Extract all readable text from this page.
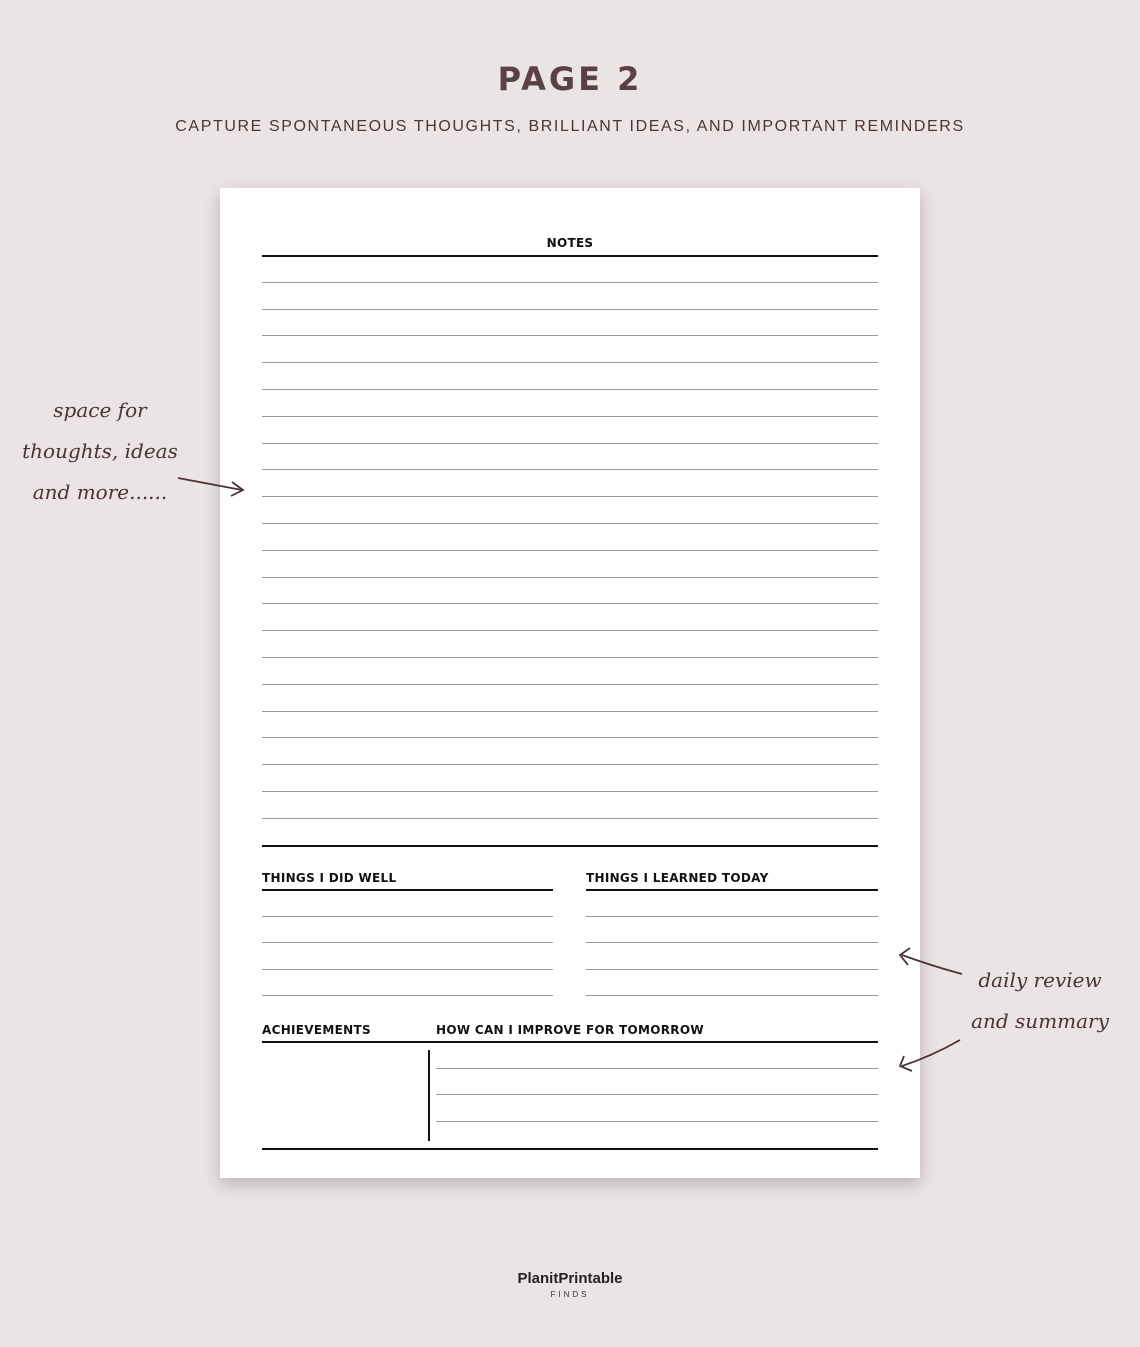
PAGE 2
CAPTURE SPONTANEOUS THOUGHTS, BRILLIANT IDEAS, AND IMPORTANT REMINDERS
NOTES
THINGS I DID WELL	THINGS I LEARNED TODAY
ACHIEVEMENTS	HOW CAN I IMPROVE FOR TOMORROW
space for
thoughts, ideas
and more......
daily review
and summary
PlanitPrintable
FINDS
